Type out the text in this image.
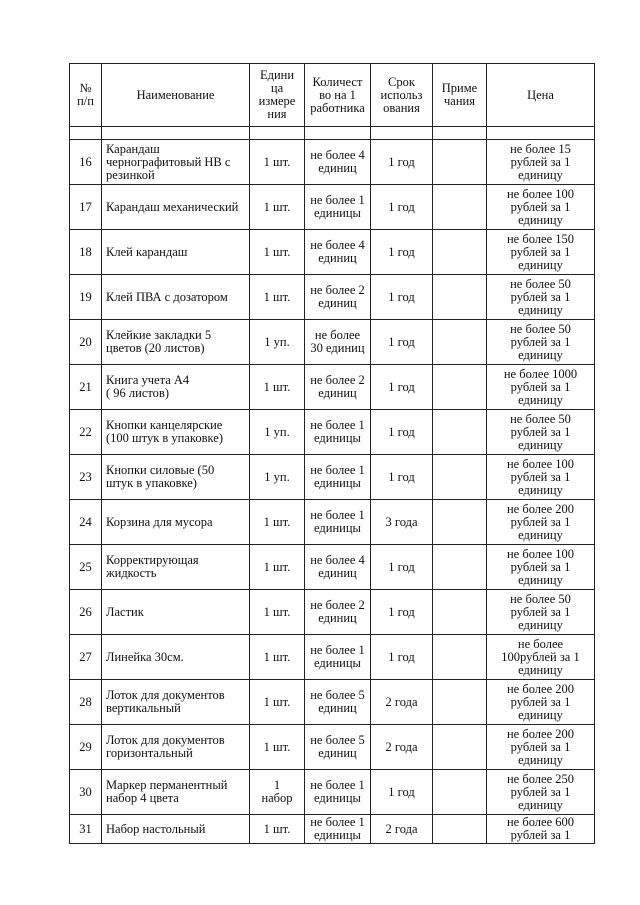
№
п/п	Наименование	Едини
ца
измере
ния	Количест
во на 1
работника	Срок
использ
ования	Приме
чания	Цена

16	Карандаш
чернографитовый НВ с
резинкой	1 шт.	не более 4
единиц	1 год		не более 15
рублей за 1
единицу

17	Карандаш механический	1 шт.	не более 1
единицы	1 год		не более 100
рублей за 1
единицу

18	Клей карандаш	1 шт.	не более 4
единиц	1 год		не более 150
рублей за 1
единицу

19	Клей ПВА с дозатором	1 шт.	не более 2
единиц	1 год		не более 50
рублей за 1
единицу

20	Клейкие закладки 5
цветов (20 листов)	1 уп.	не более
30 единиц	1 год		не более 50
рублей за 1
единицу

21	Книга учета А4
( 96 листов)	1 шт.	не более 2
единиц	1 год		не более 1000
рублей за 1
единицу

22	Кнопки канцелярские
(100 штук в упаковке)	1 уп.	не более 1
единицы	1 год		не более 50
рублей за 1
единицу

23	Кнопки силовые (50
штук в упаковке)	1 уп.	не более 1
единицы	1 год		не более 100
рублей за 1
единицу

24	Корзина для мусора	1 шт.	не более 1
единицы	3 года		не более 200
рублей за 1
единицу

25	Корректирующая
жидкость	1 шт.	не более 4
единиц	1 год		не более 100
рублей за 1
единицу

26	Ластик	1 шт.	не более 2
единиц	1 год		не более 50
рублей за 1
единицу

27	Линейка 30см.	1 шт.	не более 1
единицы	1 год		не более
100рублей за 1
единицу

28	Лоток для документов
вертикальный	1 шт.	не более 5
единиц	2 года		не более 200
рублей за 1
единицу

29	Лоток для документов
горизонтальный	1 шт.	не более 5
единиц	2 года		не более 200
рублей за 1
единицу

30	Маркер перманентный
набор 4 цвета	1
набор	не более 1
единицы	1 год		не более 250
рублей за 1
единицу

31	Набор настольный	1 шт.	не более 1
единицы	2 года		не более 600
рублей за 1
